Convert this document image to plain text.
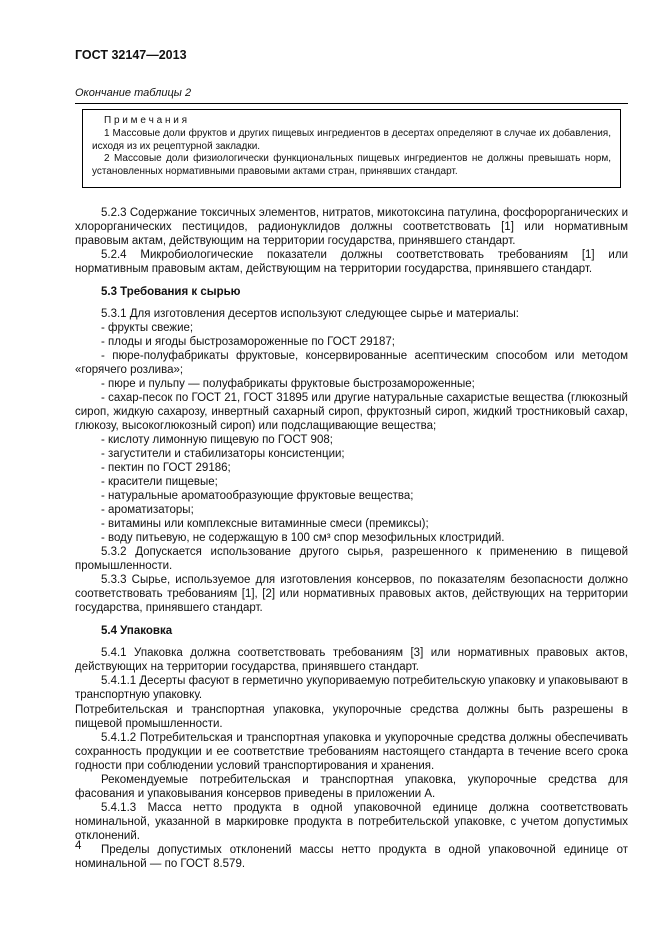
ГОСТ 32147—2013
Окончание таблицы 2
П р и м е ч а н и я

1 Массовые доли фруктов и других пищевых ингредиентов в десертах определяют в случае их добавления, исходя из их рецептурной закладки.

2 Массовые доли физиологически функциональных пищевых ингредиентов не должны превышать норм, установленных нормативными правовыми актами стран, принявших стандарт.

5.2.3 Содержание токсичных элементов, нитратов, микотоксина патулина, фосфорорганических и хлорорганических пестицидов, радионуклидов должны соответствовать [1] или нормативным правовым актам, действующим на территории государства, принявшего стандарт.

5.2.4 Микробиологические показатели должны соответствовать требованиям [1] или нормативным правовым актам, действующим на территории государства, принявшего стандарт.

5.3 Требования к сырью

5.3.1 Для изготовления десертов используют следующее сырье и материалы:

- фрукты свежие;

- плоды и ягоды быстрозамороженные по ГОСТ 29187;

- пюре-полуфабрикаты фруктовые, консервированные асептическим способом или методом «горячего розлива»;

- пюре и пульпу — полуфабрикаты фруктовые быстрозамороженные;

- сахар-песок по ГОСТ 21, ГОСТ 31895 или другие натуральные сахаристые вещества (глюкозный сироп, жидкую сахарозу, инвертный сахарный сироп, фруктозный сироп, жидкий тростниковый сахар, глюкозу, высокоглюкозный сироп) или подслащивающие вещества;

- кислоту лимонную пищевую по ГОСТ 908;

- загустители и стабилизаторы консистенции;

- пектин по ГОСТ 29186;

- красители пищевые;

- натуральные ароматообразующие фруктовые вещества;

- ароматизаторы;

- витамины или комплексные витаминные смеси (премиксы);

- воду питьевую, не содержащую в 100 см³ спор мезофильных клостридий.

5.3.2 Допускается использование другого сырья, разрешенного к применению в пищевой промышленности.

5.3.3 Сырье, используемое для изготовления консервов, по показателям безопасности должно соответствовать требованиям [1], [2] или нормативных правовых актов, действующих на территории государства, принявшего стандарт.

5.4 Упаковка

5.4.1 Упаковка должна соответствовать требованиям [3] или нормативных правовых актов, действующих на территории государства, принявшего стандарт.

5.4.1.1 Десерты фасуют в герметично укупориваемую потребительскую упаковку и упаковывают в транспортную упаковку.

Потребительская и транспортная упаковка, укупорочные средства должны быть разрешены в пищевой промышленности.

5.4.1.2 Потребительская и транспортная упаковка и укупорочные средства должны обеспечивать сохранность продукции и ее соответствие требованиям настоящего стандарта в течение всего срока годности при соблюдении условий транспортирования и хранения.

Рекомендуемые потребительская и транспортная упаковка, укупорочные средства для фасования и упаковывания консервов приведены в приложении А.

5.4.1.3 Масса нетто продукта в одной упаковочной единице должна соответствовать номинальной, указанной в маркировке продукта в потребительской упаковке, с учетом допустимых отклонений.

Пределы допустимых отклонений массы нетто продукта в одной упаковочной единице от номинальной — по ГОСТ 8.579.

4
